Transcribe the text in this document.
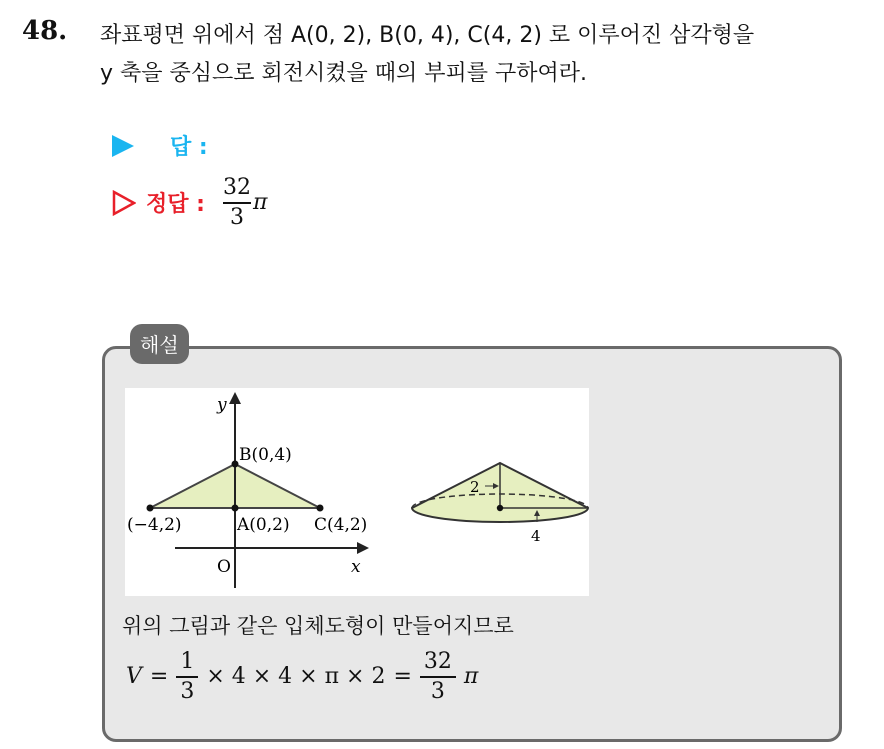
48. 좌표평면 위에서 점 A(0, 2), B(0, 4), C(4, 2) 로 이루어진 삼각형을
y 축을 중심으로 회전시켰을 때의 부피를 구하여라.
답 :
정답 : $\frac{32}{3}$ π
해설
y
x
O
B(0,4)
A(0,2) C(4,2)
(−4,2)
2
4
위의 그림과 같은 입체도형이 만들어지므로
$V = \frac{1}{3} \times 4 \times 4 \times \pi \times 2 = \frac{32}{3}$ π
